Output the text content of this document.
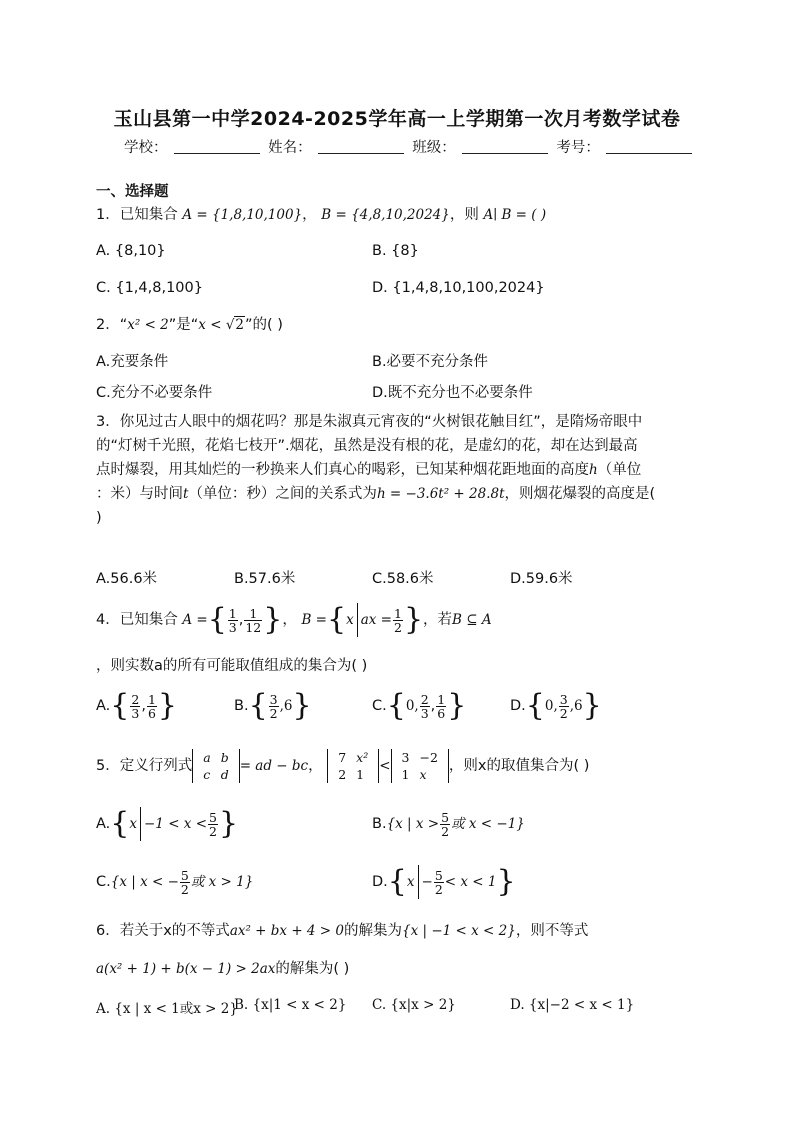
玉山县第一中学2024-2025学年高一上学期第一次月考数学试卷
学校：	姓名：	班级：	考号：
一、选择题
1．已知集合 A = {1,8,10,100}， B = {4,8,10,2024}，则 A∣ B = ( )
A. {8,10}	B. {8}
C. {1,4,8,100}	D. {1,4,8,10,100,2024}
2．“x² < 2”是“x < √2”的( )
A.充要条件	B.必要不充分条件
C.充分不必要条件	D.既不充分也不必要条件
3．你见过古人眼中的烟花吗？那是朱淑真元宵夜的“火树银花触目红”，是隋炀帝眼中
的“灯树千光照，花焰七枝开”.烟花，虽然是没有根的花，是虚幻的花，却在达到最高
点时爆裂，用其灿烂的一秒换来人们真心的喝彩，已知某种烟花距地面的高度h（单位
：米）与时间t（单位：秒）之间的关系式为h = −3.6t² + 28.8t，则烟花爆裂的高度是(
)
A.56.6米	B.57.6米	C.58.6米	D.59.6米
4．已知集合 A ={ $\frac{1}{3}$ , $\frac{1}{12}$ }， B ={x ax = $\frac{1}{2}$ }，若B ⊆ A
，则实数a的所有可能取值组成的集合为( )
$A.\{ \frac{2}{3}$ , $\frac{1}{6}$ }	$B.\{ \frac{3}{2} ,6\}$	C.{0, $\frac{2}{3}$ , $\frac{1}{6}$ }	D.{0, $\frac{3}{2} ,6$}
5．定义行列式
a	b
c	d
= ad − bc，
7	x²
2	1
<
3	−2
1	x
，则x的取值集合为( )
$A.\{x -1 < x < \frac{5}{2}$ }	B.{x | $x > \frac{5}{2}$ 或 x < −1}
C.{x | x < − $\frac{5}{2}$ 或 x > 1}	$D.\{x - \frac{5}{2} < x < 1\}$
6．若关于x的不等式ax² + bx + 4 > 0的解集为{x | −1 < x < 2}，则不等式
a(x² + 1) + b(x − 1) > 2ax的解集为( )
A. {x | x < 1或x > 2}
B. {x|1 < x < 2} C. {x|x > 2}	D. {x|−2 < x < 1}
